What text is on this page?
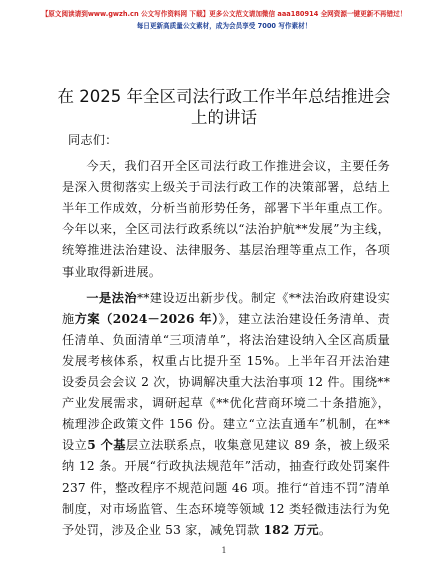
【原文阅读请到www.gwzh.cn 公文写作资料网 下载】更多公文范文请加微信 aaa180914 全网资源一键更新不再错过！
每日更新高质量公文素材，成为会员享受 7000 写作素材！
在 2025 年全区司法行政工作半年总结推进会上的讲话

同志们：

今天，我们召开全区司法行政工作推进会议，主要任务是深入贯彻落实上级关于司法行政工作的决策部署，总结上半年工作成效，分析当前形势任务，部署下半年重点工作。今年以来，全区司法行政系统以“法治护航**发展”为主线，统筹推进法治建设、法律服务、基层治理等重点工作，各项事业取得新进展。

一是法治**建设迈出新步伐。制定《**法治政府建设实施方案（2024－2026 年）》，建立法治建设任务清单、责任清单、负面清单“三项清单”，将法治建设纳入全区高质量发展考核体系，权重占比提升至 15%。上半年召开法治建设委员会会议 2 次，协调解决重大法治事项 12 件。围绕**产业发展需求，调研起草《**优化营商环境二十条措施》，梳理涉企政策文件 156 份。建立“立法直通车”机制，在**设立5 个基层立法联系点，收集意见建议 89 条，被上级采纳 12 条。开展“行政执法规范年”活动，抽查行政处罚案件 237 件，整改程序不规范问题 46 项。推行“首违不罚”清单制度，对市场监管、生态环境等领域 12 类轻微违法行为免予处罚，涉及企业 53 家，减免罚款 182 万元。

1
